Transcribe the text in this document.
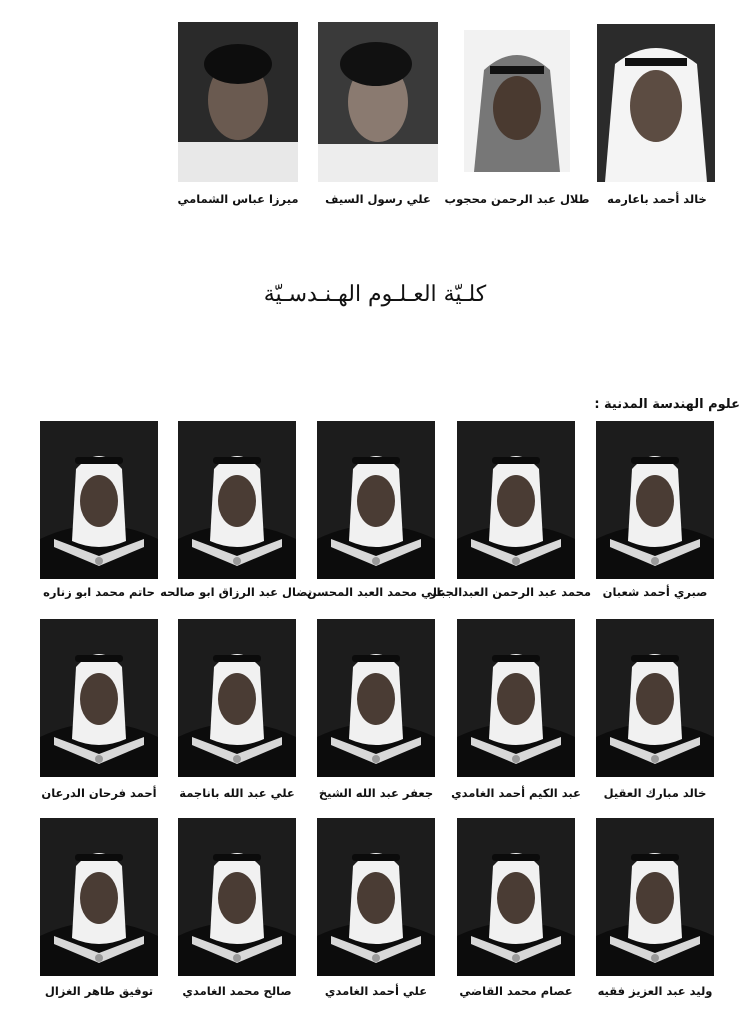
خالد أحمد باعارمه
طلال عبد الرحمن محجوب
علي رسول السيف
ميرزا عباس الشمامي
كلـيّة العـلـوم الهـنـدسـيّة
علوم الهندسة المدنية :
صبري أحمد شعبان
محمد عبد الرحمن العبدالجبار
علي محمد العبد المحسن
نضال عبد الرزاق ابو صالحه
حاتم محمد ابو زناره
خالد مبارك العقيل
عبد الكيم أحمد الغامدي
جعفر عبد الله الشيخ
علي عبد الله باناجمة
أحمد فرحان الدرعان
وليد عبد العزيز فقيه
عصام محمد القاضي
علي أحمد الغامدي
صالح محمد الغامدي
توفيق طاهر الغزال
